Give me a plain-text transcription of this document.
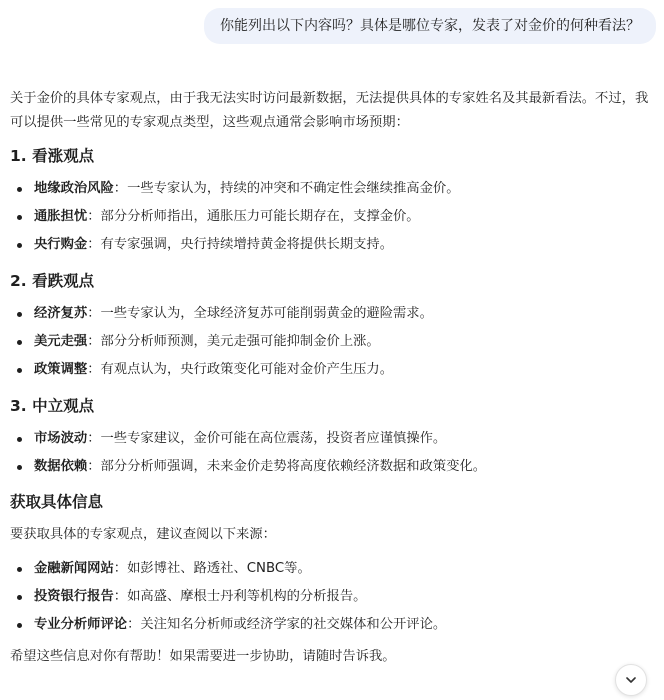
你能列出以下内容吗？具体是哪位专家，发表了对金价的何种看法？

关于金价的具体专家观点，由于我无法实时访问最新数据，无法提供具体的专家姓名及其最新看法。不过，我可以提供一些常见的专家观点类型，这些观点通常会影响市场预期：

1. 看涨观点
地缘政治风险：一些专家认为，持续的冲突和不确定性会继续推高金价。
通胀担忧：部分分析师指出，通胀压力可能长期存在，支撑金价。
央行购金：有专家强调，央行持续增持黄金将提供长期支持。
2. 看跌观点
经济复苏：一些专家认为，全球经济复苏可能削弱黄金的避险需求。
美元走强：部分分析师预测，美元走强可能抑制金价上涨。
政策调整：有观点认为，央行政策变化可能对金价产生压力。
3. 中立观点
市场波动：一些专家建议，金价可能在高位震荡，投资者应谨慎操作。
数据依赖：部分分析师强调，未来金价走势将高度依赖经济数据和政策变化。
获取具体信息

要获取具体的专家观点，建议查阅以下来源：

金融新闻网站：如彭博社、路透社、CNBC等。
投资银行报告：如高盛、摩根士丹利等机构的分析报告。
专业分析师评论：关注知名分析师或经济学家的社交媒体和公开评论。

希望这些信息对你有帮助！如果需要进一步协助，请随时告诉我。
